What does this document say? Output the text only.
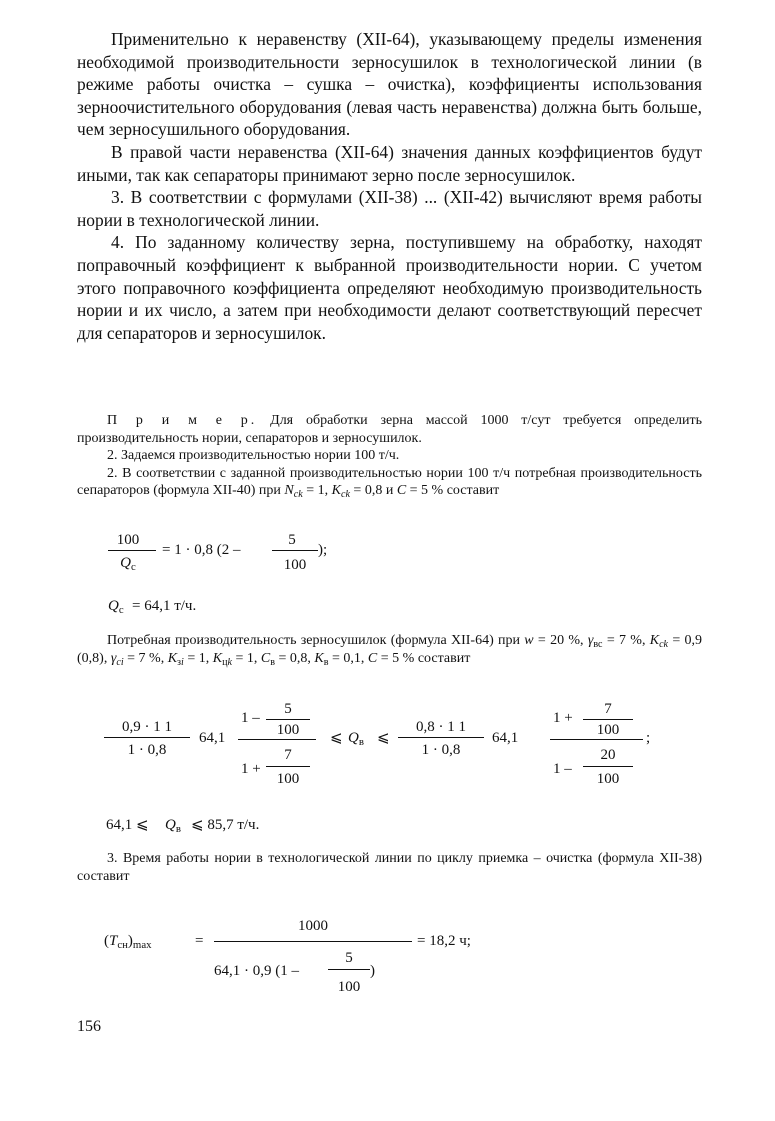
Применительно к неравенству (XII-64), указывающему пределы изменения необходимой производительности зерносушилок в технологической линии (в режиме работы очистка – сушка – очистка), коэффициенты использования зерноочистительного оборудования (левая часть неравенства) должна быть больше, чем зерносушильного оборудования.

В правой части неравенства (XII-64) значения данных коэффициентов будут иными, так как сепараторы принимают зерно после зерносушилок.

3. В соответствии с формулами (XII-38) ... (XII-42) вычисляют время работы нории в технологической линии.

4. По заданному количеству зерна, поступившему на обработку, находят поправочный коэффициент к выбранной производительности нории. С учетом этого поправочного коэффициента определяют необходимую производительность нории и их число, а затем при необходимости делают соответствующий пересчет для сепараторов и зерносушилок.

П р и м е р. Для обработки зерна массой 1000 т/сут требуется определить производительность нории, сепараторов и зерносушилок.

2. Задаемся производительностью нории 100 т/ч.

2. В соответствии с заданной производительностью нории 100 т/ч потребная производительность сепараторов (формула XII-40) при $N_{ck} = 1$, $K_{ck} = 0,8$ и C = 5 % составит

100
$Q_c$
= 1 · 0,8 (2 –
5
100
);
$Q_c = 64,1$ т/ч.

Потребная производительность зерносушилок (формула XII-64) при w = 20 %, $\gamma_{вс} = 7$ %, $K_{ck} = 0,9$ (0,8), $\gamma_{ci} = 7$ %, $K_{зi} = 1$, $K_{цk} = 1$, $C_в = 0,8$, $K_в = 0,1$, C = 5 % составит

0,9 · 1 1
1 · 0,8
64,1
1 –
5
100
7
1 +
100
⩽ $Q_в$ ⩽
0,8 · 1 1
1 · 0,8
64,1
1 +
7
100	;
20
1 –
100
64,1 ⩽ $Q_в$ ⩽ 85,7 т/ч.

3. Время работы нории в технологической линии по циклу приемка – очистка (формула XII-38) составит

$(T_{сн})_{max}$	=
1000
= 18,2 ч;
64,1 · 0,9 (1 –
5
100
)
156
